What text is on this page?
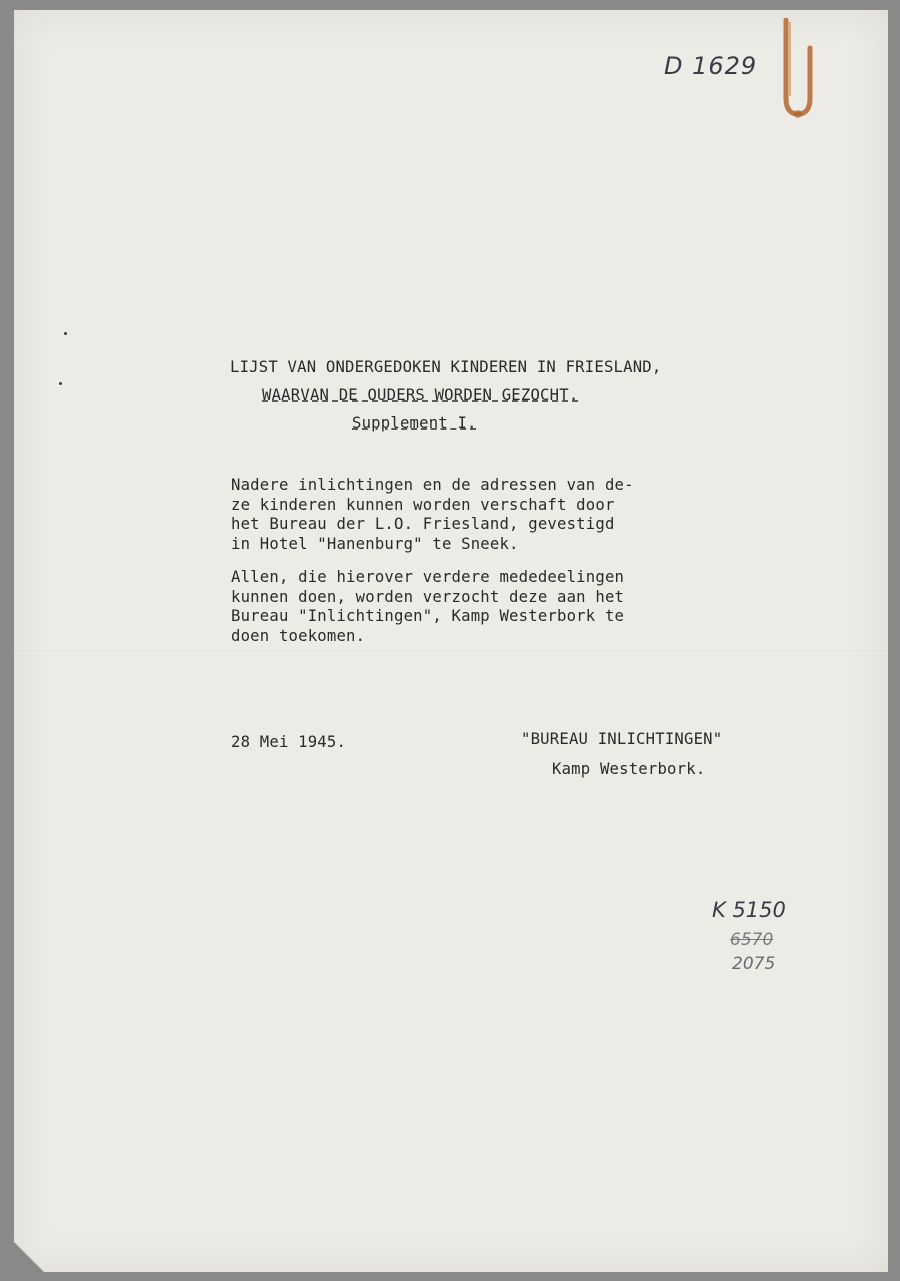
D 1629
LIJST VAN ONDERGEDOKEN KINDEREN IN FRIESLAND,
WAARVAN DE OUDERS WORDEN GEZOCHT.
Supplement I.
Nadere inlichtingen en de adressen van de-
ze kinderen kunnen worden verschaft door
het Bureau der L.O. Friesland, gevestigd
in Hotel "Hanenburg" te Sneek.
Allen, die hierover verdere mededeelingen
kunnen doen, worden verzocht deze aan het
Bureau "Inlichtingen", Kamp Westerbork te
doen toekomen.
28 Mei 1945.	"BUREAU INLICHTINGEN"
Kamp Westerbork.
K 5150
6570
2075
